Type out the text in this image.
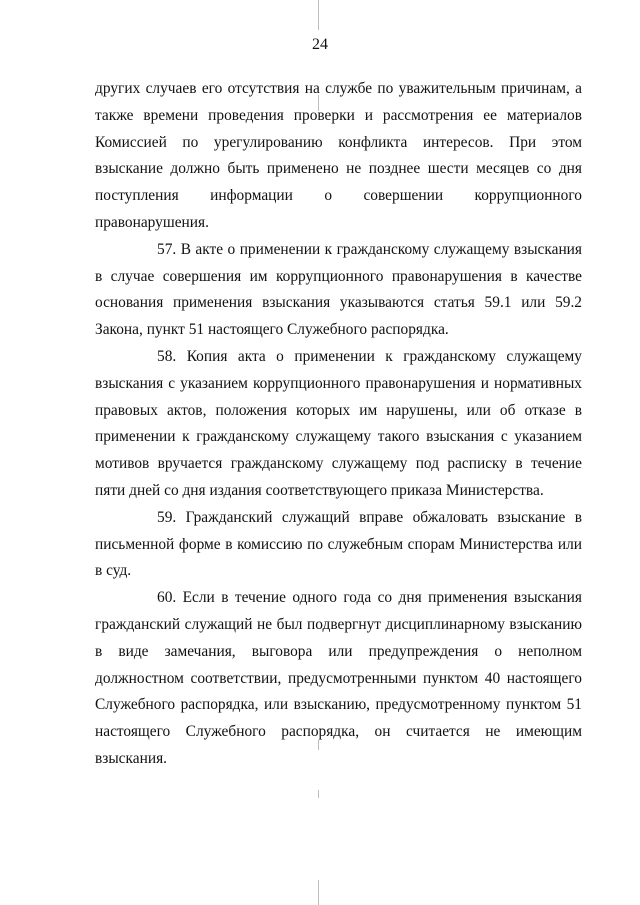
24

других случаев его отсутствия на службе по уважительным причинам, а также времени проведения проверки и рассмотрения ее материалов Комиссией по урегулированию конфликта интересов. При этом взыскание должно быть применено не позднее шести месяцев со дня поступления информации о совершении коррупционного правонарушения.

57. В акте о применении к гражданскому служащему взыскания в случае совершения им коррупционного правонарушения в качестве основания применения взыскания указываются статья 59.1 или 59.2 Закона, пункт 51 настоящего Служебного распорядка.

58. Копия акта о применении к гражданскому служащему взыскания с указанием коррупционного правонарушения и нормативных правовых актов, положения которых им нарушены, или об отказе в применении к гражданскому служащему такого взыскания с указанием мотивов вручается гражданскому служащему под расписку в течение пяти дней со дня издания соответствующего приказа Министерства.

59. Гражданский служащий вправе обжаловать взыскание в письменной форме в комиссию по служебным спорам Министерства или в суд.

60. Если в течение одного года со дня применения взыскания гражданский служащий не был подвергнут дисциплинарному взысканию в виде замечания, выговора или предупреждения о неполном должностном соответствии, предусмотренными пунктом 40 настоящего Служебного распорядка, или взысканию, предусмотренному пунктом 51 настоящего Служебного распорядка, он считается не имеющим взыскания.
